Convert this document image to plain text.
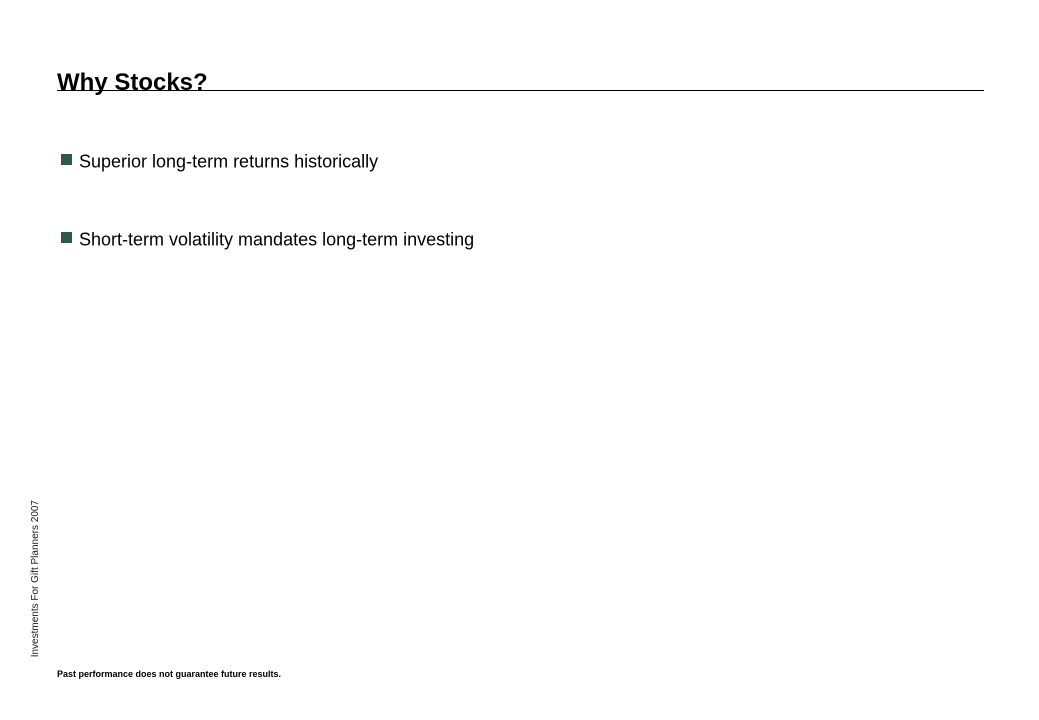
Why Stocks?
Superior long-term returns historically
Short-term volatility mandates long-term investing
Investments For Gift Planners 2007
Past performance does not guarantee future results.
